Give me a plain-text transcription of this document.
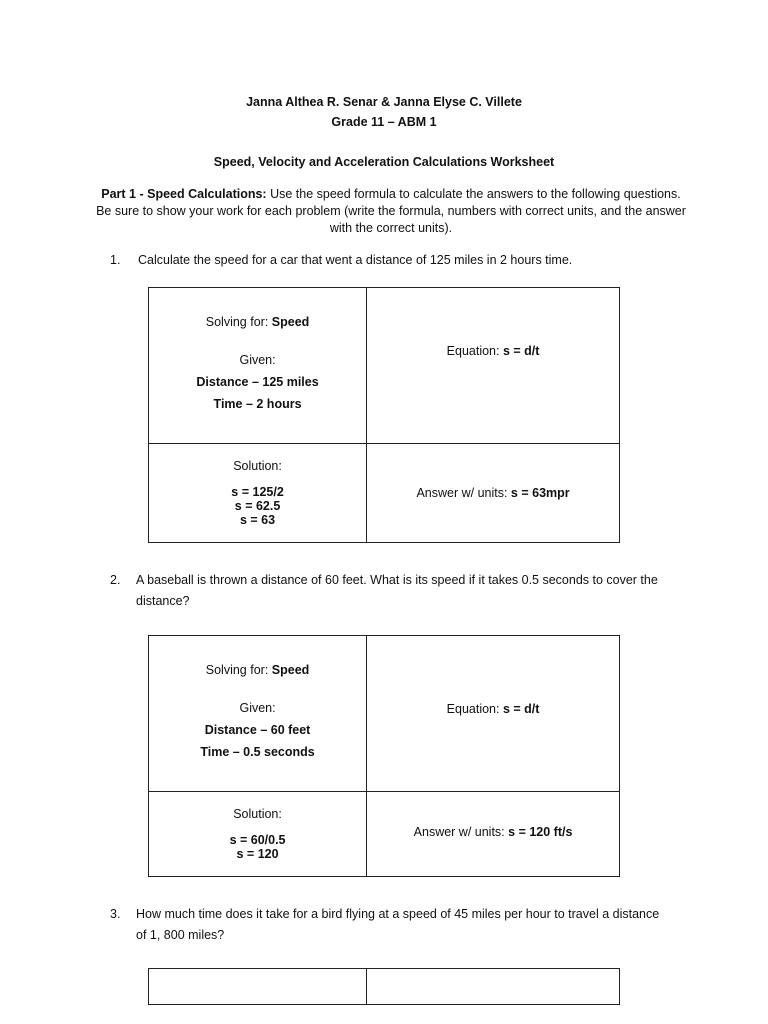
Janna Althea R. Senar & Janna Elyse C. Villete
Grade 11 – ABM 1
Speed, Velocity and Acceleration Calculations Worksheet
Part 1 - Speed Calculations: Use the speed formula to calculate the answers to the following questions. Be sure to show your work for each problem (write the formula, numbers with correct units, and the answer with the correct units).
1. Calculate the speed for a car that went a distance of 125 miles in 2 hours time.
Solving for: Speed
Given:
Distance – 125 miles
Time – 2 hours	Equation: s = d/t

Solution:
s = 125/2
s = 62.5
s = 63	Answer w/ units: s = 63mpr
2. A baseball is thrown a distance of 60 feet. What is its speed if it takes 0.5 seconds to cover the distance?
Solving for: Speed
Given:
Distance – 60 feet
Time – 0.5 seconds	Equation: s = d/t

Solution:
s = 60/0.5
s = 120	Answer w/ units: s = 120 ft/s
3. How much time does it take for a bird flying at a speed of 45 miles per hour to travel a distance of 1, 800 miles?
